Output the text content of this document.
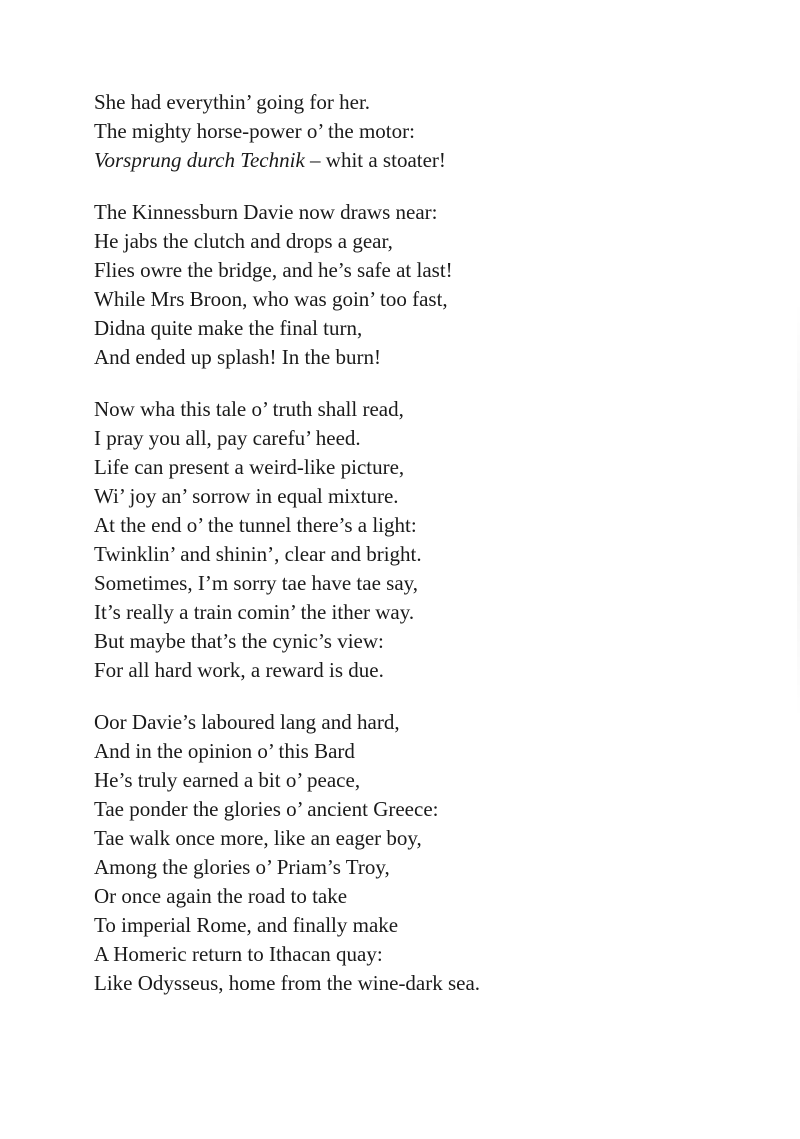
She had everythin’ going for her.
The mighty horse-power o’ the motor:
Vorsprung durch Technik – whit a stoater!
The Kinnessburn Davie now draws near:
He jabs the clutch and drops a gear,
Flies owre the bridge, and he’s safe at last!
While Mrs Broon, who was goin’ too fast,
Didna quite make the final turn,
And ended up splash! In the burn!
Now wha this tale o’ truth shall read,
I pray you all, pay carefu’ heed.
Life can present a weird-like picture,
Wi’ joy an’ sorrow in equal mixture.
At the end o’ the tunnel there’s a light:
Twinklin’ and shinin’, clear and bright.
Sometimes, I’m sorry tae have tae say,
It’s really a train comin’ the ither way.
But maybe that’s the cynic’s view:
For all hard work, a reward is due.
Oor Davie’s laboured lang and hard,
And in the opinion o’ this Bard
He’s truly earned a bit o’ peace,
Tae ponder the glories o’ ancient Greece:
Tae walk once more, like an eager boy,
Among the glories o’ Priam’s Troy,
Or once again the road to take
To imperial Rome, and finally make
A Homeric return to Ithacan quay:
Like Odysseus, home from the wine-dark sea.
